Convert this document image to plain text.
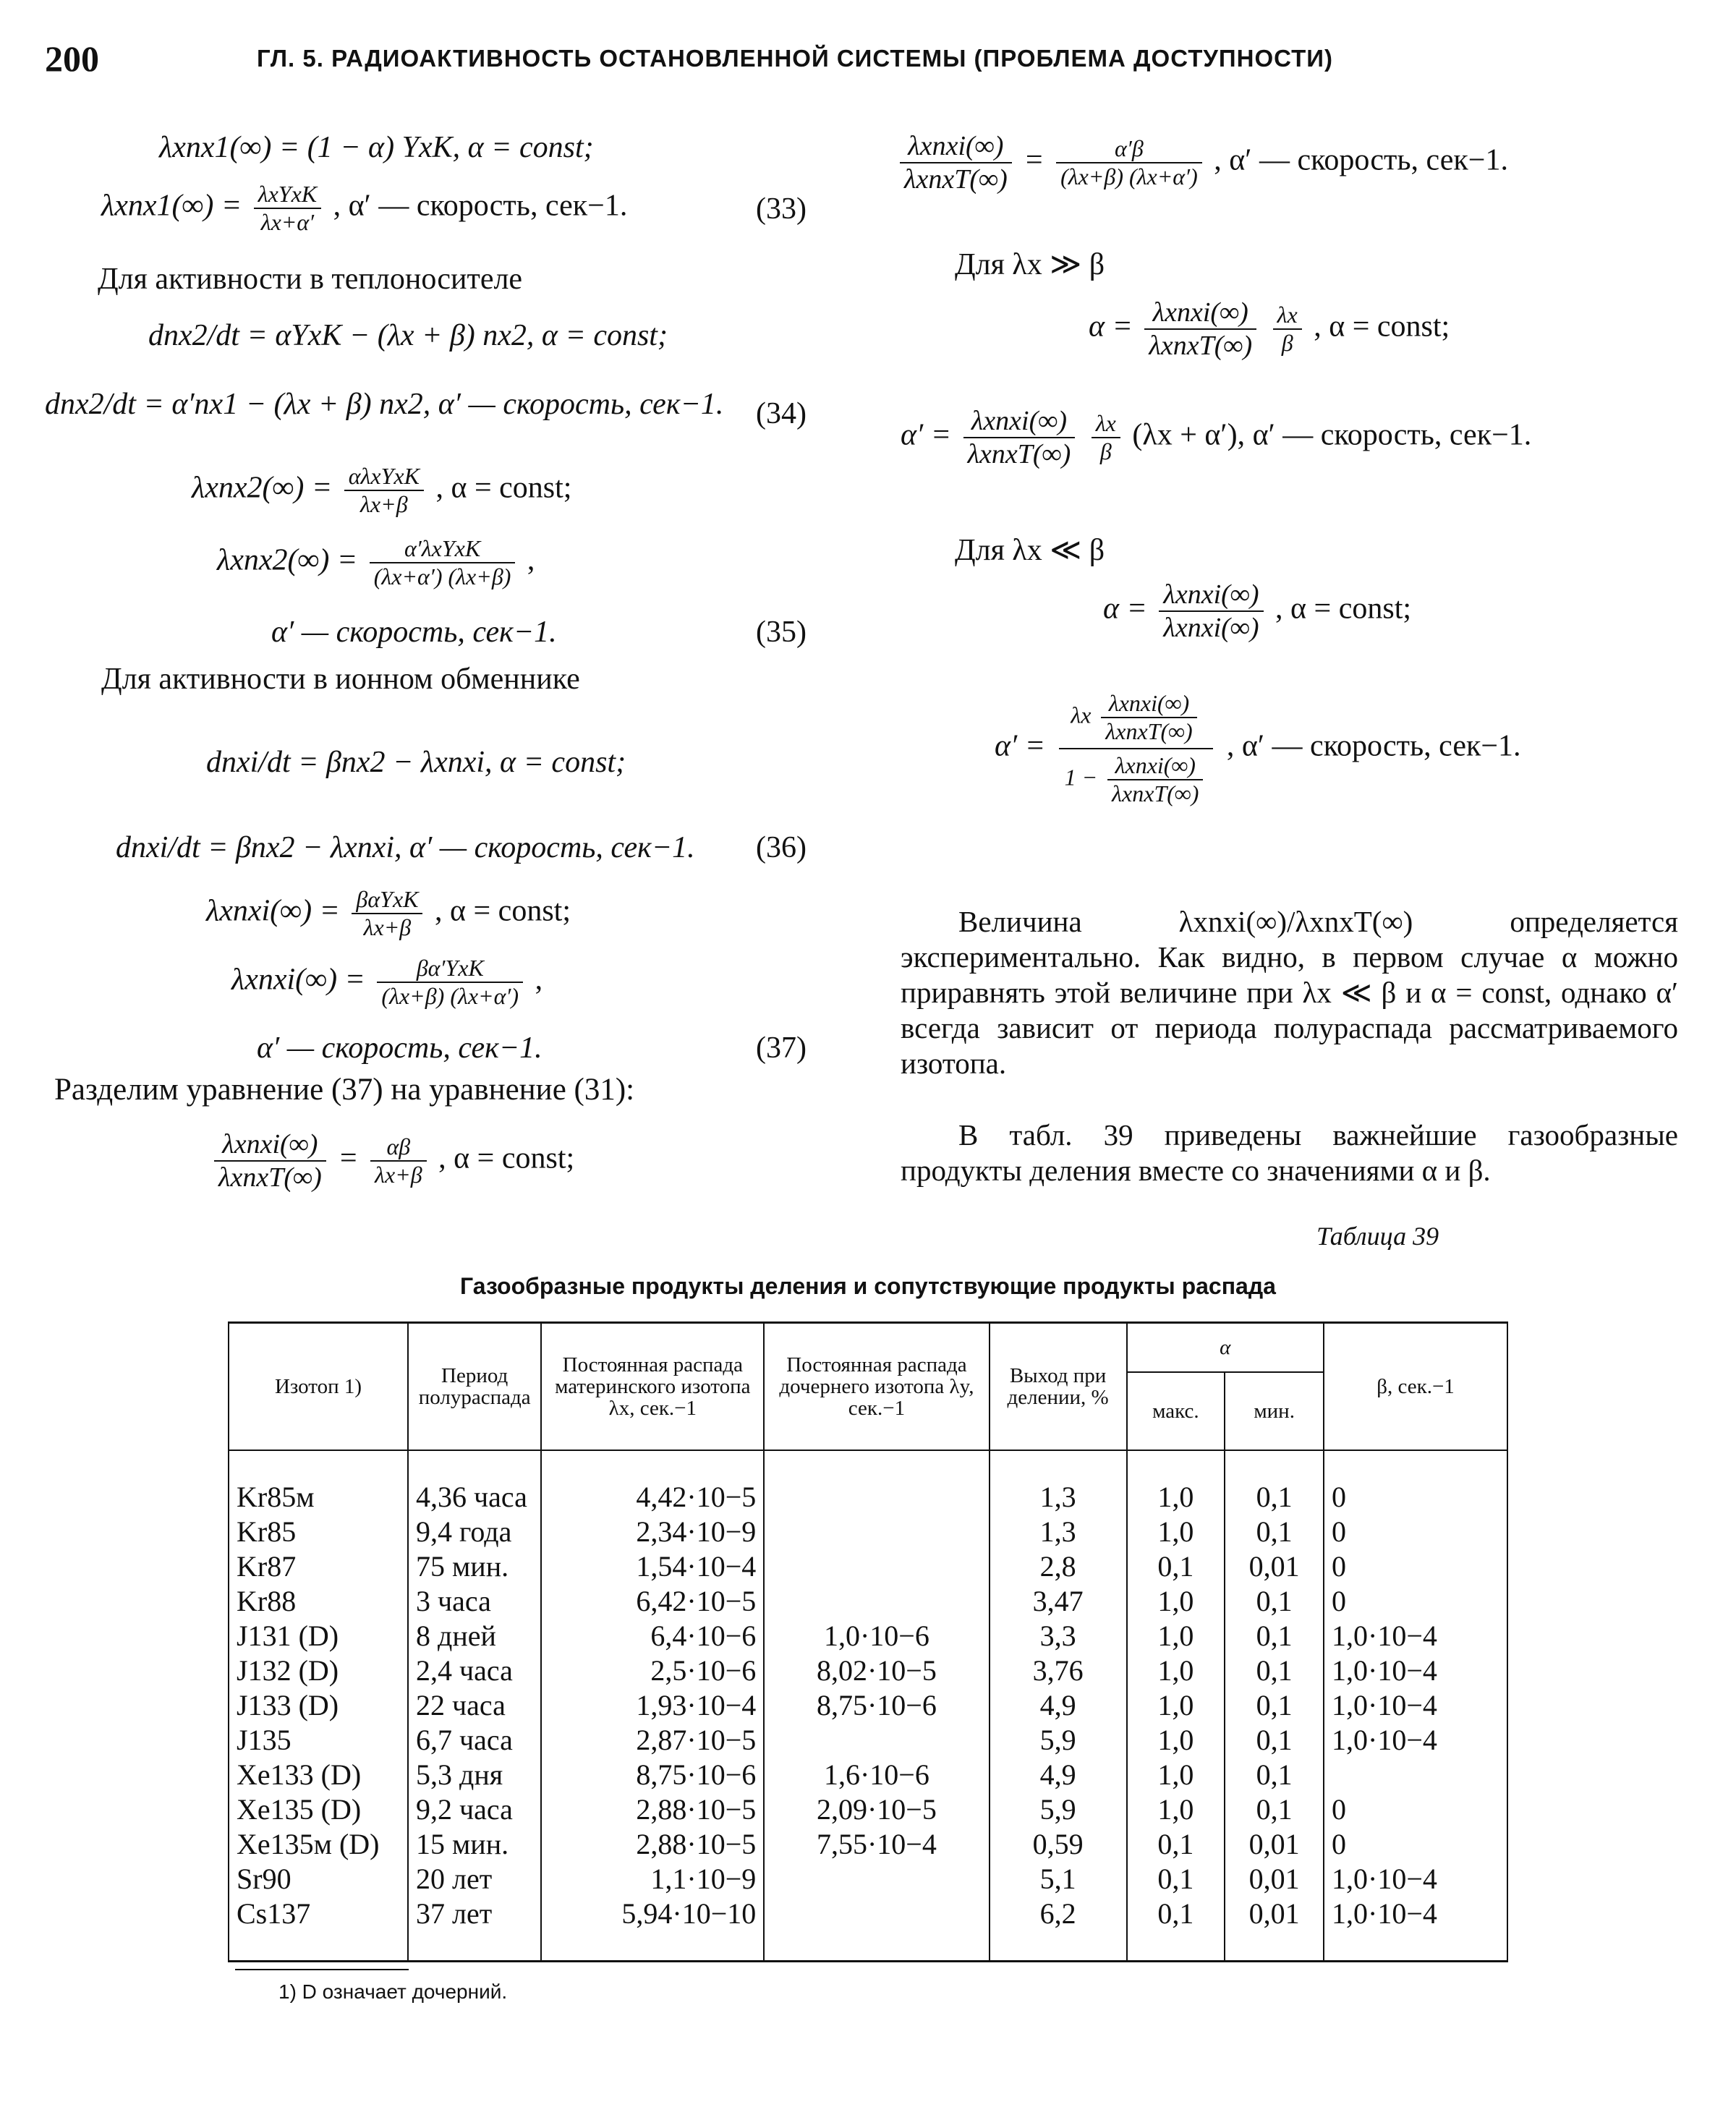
200	ГЛ. 5. РАДИОАКТИВНОСТЬ ОСТАНОВЛЕННОЙ СИСТЕМЫ (ПРОБЛЕМА ДОСТУПНОСТИ)
λxnx1(∞) = (1 − α) YxK, α = const;
$\lambda xnx1(\infty) = \frac{\text{λxYxK}}{\lambda x+\alpha'}$ , α′ — скорость, сек−1.	(33)
Для активности в теплоносителе
dnx2/dt = αYxK − (λx + β) nx2, α = const;
dnx2/dt = α′nx1 − (λx + β) nx2, α′ — скорость, сек−1. (34)
$\lambda xnx2(\infty) = \frac{\text{αλxYxK}}{\lambda x+\beta}$ , α = const;
$\lambda xnx2(\infty) = \frac{\text{α′λxYxK}}{(\lambda x+\alpha') (\lambda x+\beta)}$ ,
α′ — скорость, сек−1.	(35)
Для активности в ионном обменнике
dnxi/dt = βnx2 − λxnxi, α = const;
dnxi/dt = βnx2 − λxnxi, α′ — скорость, сек−1. (36)
λxnxi(∞) = $\frac{\text{βαYxK}}{\lambda x+\beta}$ , α = const;
λxnxi(∞) = $\frac{\text{βα′YxK}}{(\lambda x+\beta) (\lambda x+\alpha')}$ ,
α′ — скорость, сек−1.	(37)
Разделим уравнение (37) на уравнение (31):
$\frac{\text{λxnxi(∞)}}{\text{λxnxT(∞)}} = \frac{\alpha\beta}{\lambda x+\beta}$ , α = const;
$\frac{\text{λxnxi(∞)}}{\text{λxnxT(∞)}} = \frac{\alpha'\beta}{(\lambda x+\beta) (\lambda x+\alpha')}$ , α′ — скорость, сек−1.
Для λx ≫ β
$\alpha = \frac{\text{λxnxi(∞)}}{\text{λxnxT(∞)}}$
$\frac{\lambda x}{\beta}$ , α = const;
$\alpha' = \frac{\text{λxnxi(∞)}}{\text{λxnxT(∞)}}$
$\frac{\lambda x}{\beta} (\lambda x + \alpha')$, α′ — скорость, сек−1.
Для λx ≪ β
$\alpha = \frac{\text{λxnxi(∞)}}{\text{λxnxi(∞)}}$ , α = const;
$\alpha' = \frac{\lambda x \frac{\text{λxnxi(∞)}}{\text{λxnxT(∞)}}}{1 - \frac{\text{λxnxi(∞)}}{\text{λxnxT(∞)}}}$ , α′ — скорость, сек−1.
Величина λxnxi(∞)/λxnxT(∞) определяется экспериментально. Как видно, в первом случае α можно приравнять этой величине при λx ≪ β и α = const, однако α′ всегда зависит от периода полураспада рассматриваемого изотопа.
В табл. 39 приведены важнейшие газообразные продукты деления вместе со значениями α и β.
Таблица 39
Газообразные продукты деления и сопутствующие продукты распада
Изотоп 1)	Период полураспада	Постоянная распада материнского изотопа λx, сек.−1	Постоянная распада дочернего изотопа λy, сек.−1	Выход при делении, %	α		β, сек.−1
					макс.	мин.	
Kr85м	4,36 часа	4,42·10−5		1,3	1,0	0,1	0
Kr85	9,4 года	2,34·10−9		1,3	1,0	0,1	0
Kr87	75 мин.	1,54·10−4		2,8	0,1	0,01	0
Kr88	3 часа	6,42·10−5		3,47	1,0	0,1	0
J131 (D)	8 дней	6,4·10−6	1,0·10−6	3,3	1,0	0,1	1,0·10−4
J132 (D)	2,4 часа	2,5·10−6	8,02·10−5	3,76	1,0	0,1	1,0·10−4
J133 (D)	22 часа	1,93·10−4	8,75·10−6	4,9	1,0	0,1	1,0·10−4
J135	6,7 часа	2,87·10−5		5,9	1,0	0,1	1,0·10−4
Xe133 (D)	5,3 дня	8,75·10−6	1,6·10−6	4,9	1,0	0,1	
Xe135 (D)	9,2 часа	2,88·10−5	2,09·10−5	5,9	1,0	0,1	0
Xe135м (D)	15 мин.	2,88·10−5	7,55·10−4	0,59	0,1	0,01	0
Sr90	20 лет	1,1·10−9		5,1	0,1	0,01	1,0·10−4
Cs137	37 лет	5,94·10−10		6,2	0,1	0,01	1,0·10−4
1) D означает дочерний.
